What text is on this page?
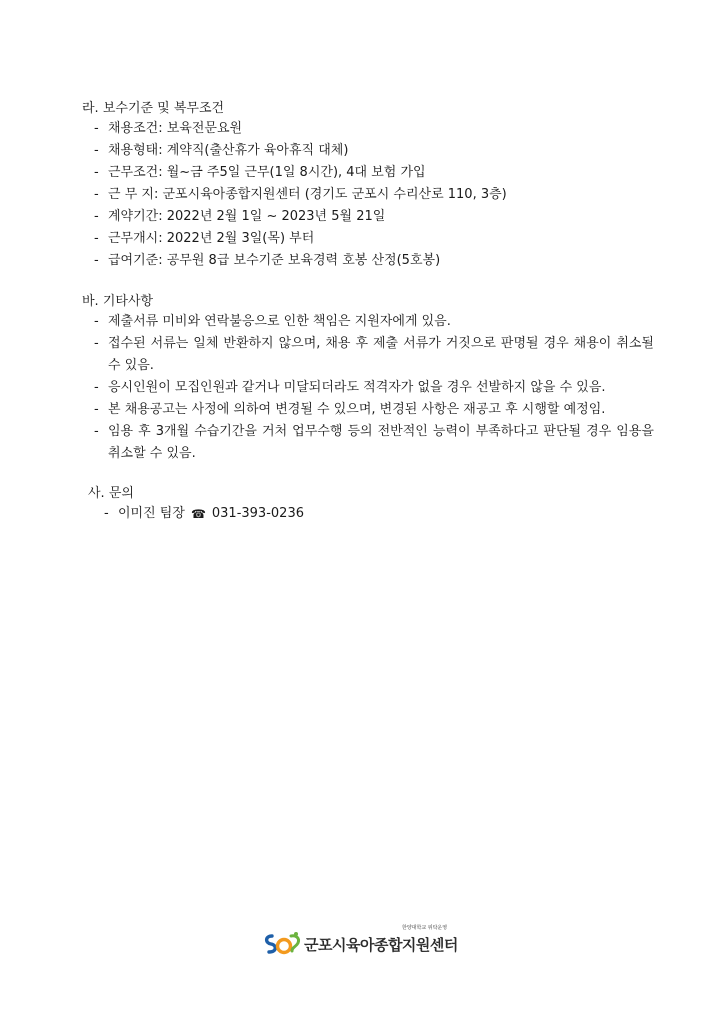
라. 보수기준 및 복무조건
- 채용조건: 보육전문요원
- 채용형태: 계약직(출산휴가 육아휴직 대체)
- 근무조건: 월~금 주5일 근무(1일 8시간), 4대 보험 가입
- 근 무 지: 군포시육아종합지원센터 (경기도 군포시 수리산로 110, 3층)
- 계약기간: 2022년 2월 1일 ~ 2023년 5월 21일
- 근무개시: 2022년 2월 3일(목) 부터
- 급여기준: 공무원 8급 보수기준 보육경력 호봉 산정(5호봉)
바. 기타사항
- 제출서류 미비와 연락불응으로 인한 책임은 지원자에게 있음.
- 접수된 서류는 일체 반환하지 않으며, 채용 후 제출 서류가 거짓으로 판명될 경우 채용이 취소될 수 있음.
- 응시인원이 모집인원과 같거나 미달되더라도 적격자가 없을 경우 선발하지 않을 수 있음.
- 본 채용공고는 사정에 의하여 변경될 수 있으며, 변경된 사항은 재공고 후 시행할 예정임.
- 임용 후 3개월 수습기간을 거처 업무수행 등의 전반적인 능력이 부족하다고 판단될 경우 임용을 취소할 수 있음.
사. 문의
- 이미진 팀장 ☎ 031-393-0236
한양대학교 위탁운영
군포시육아종합지원센터
